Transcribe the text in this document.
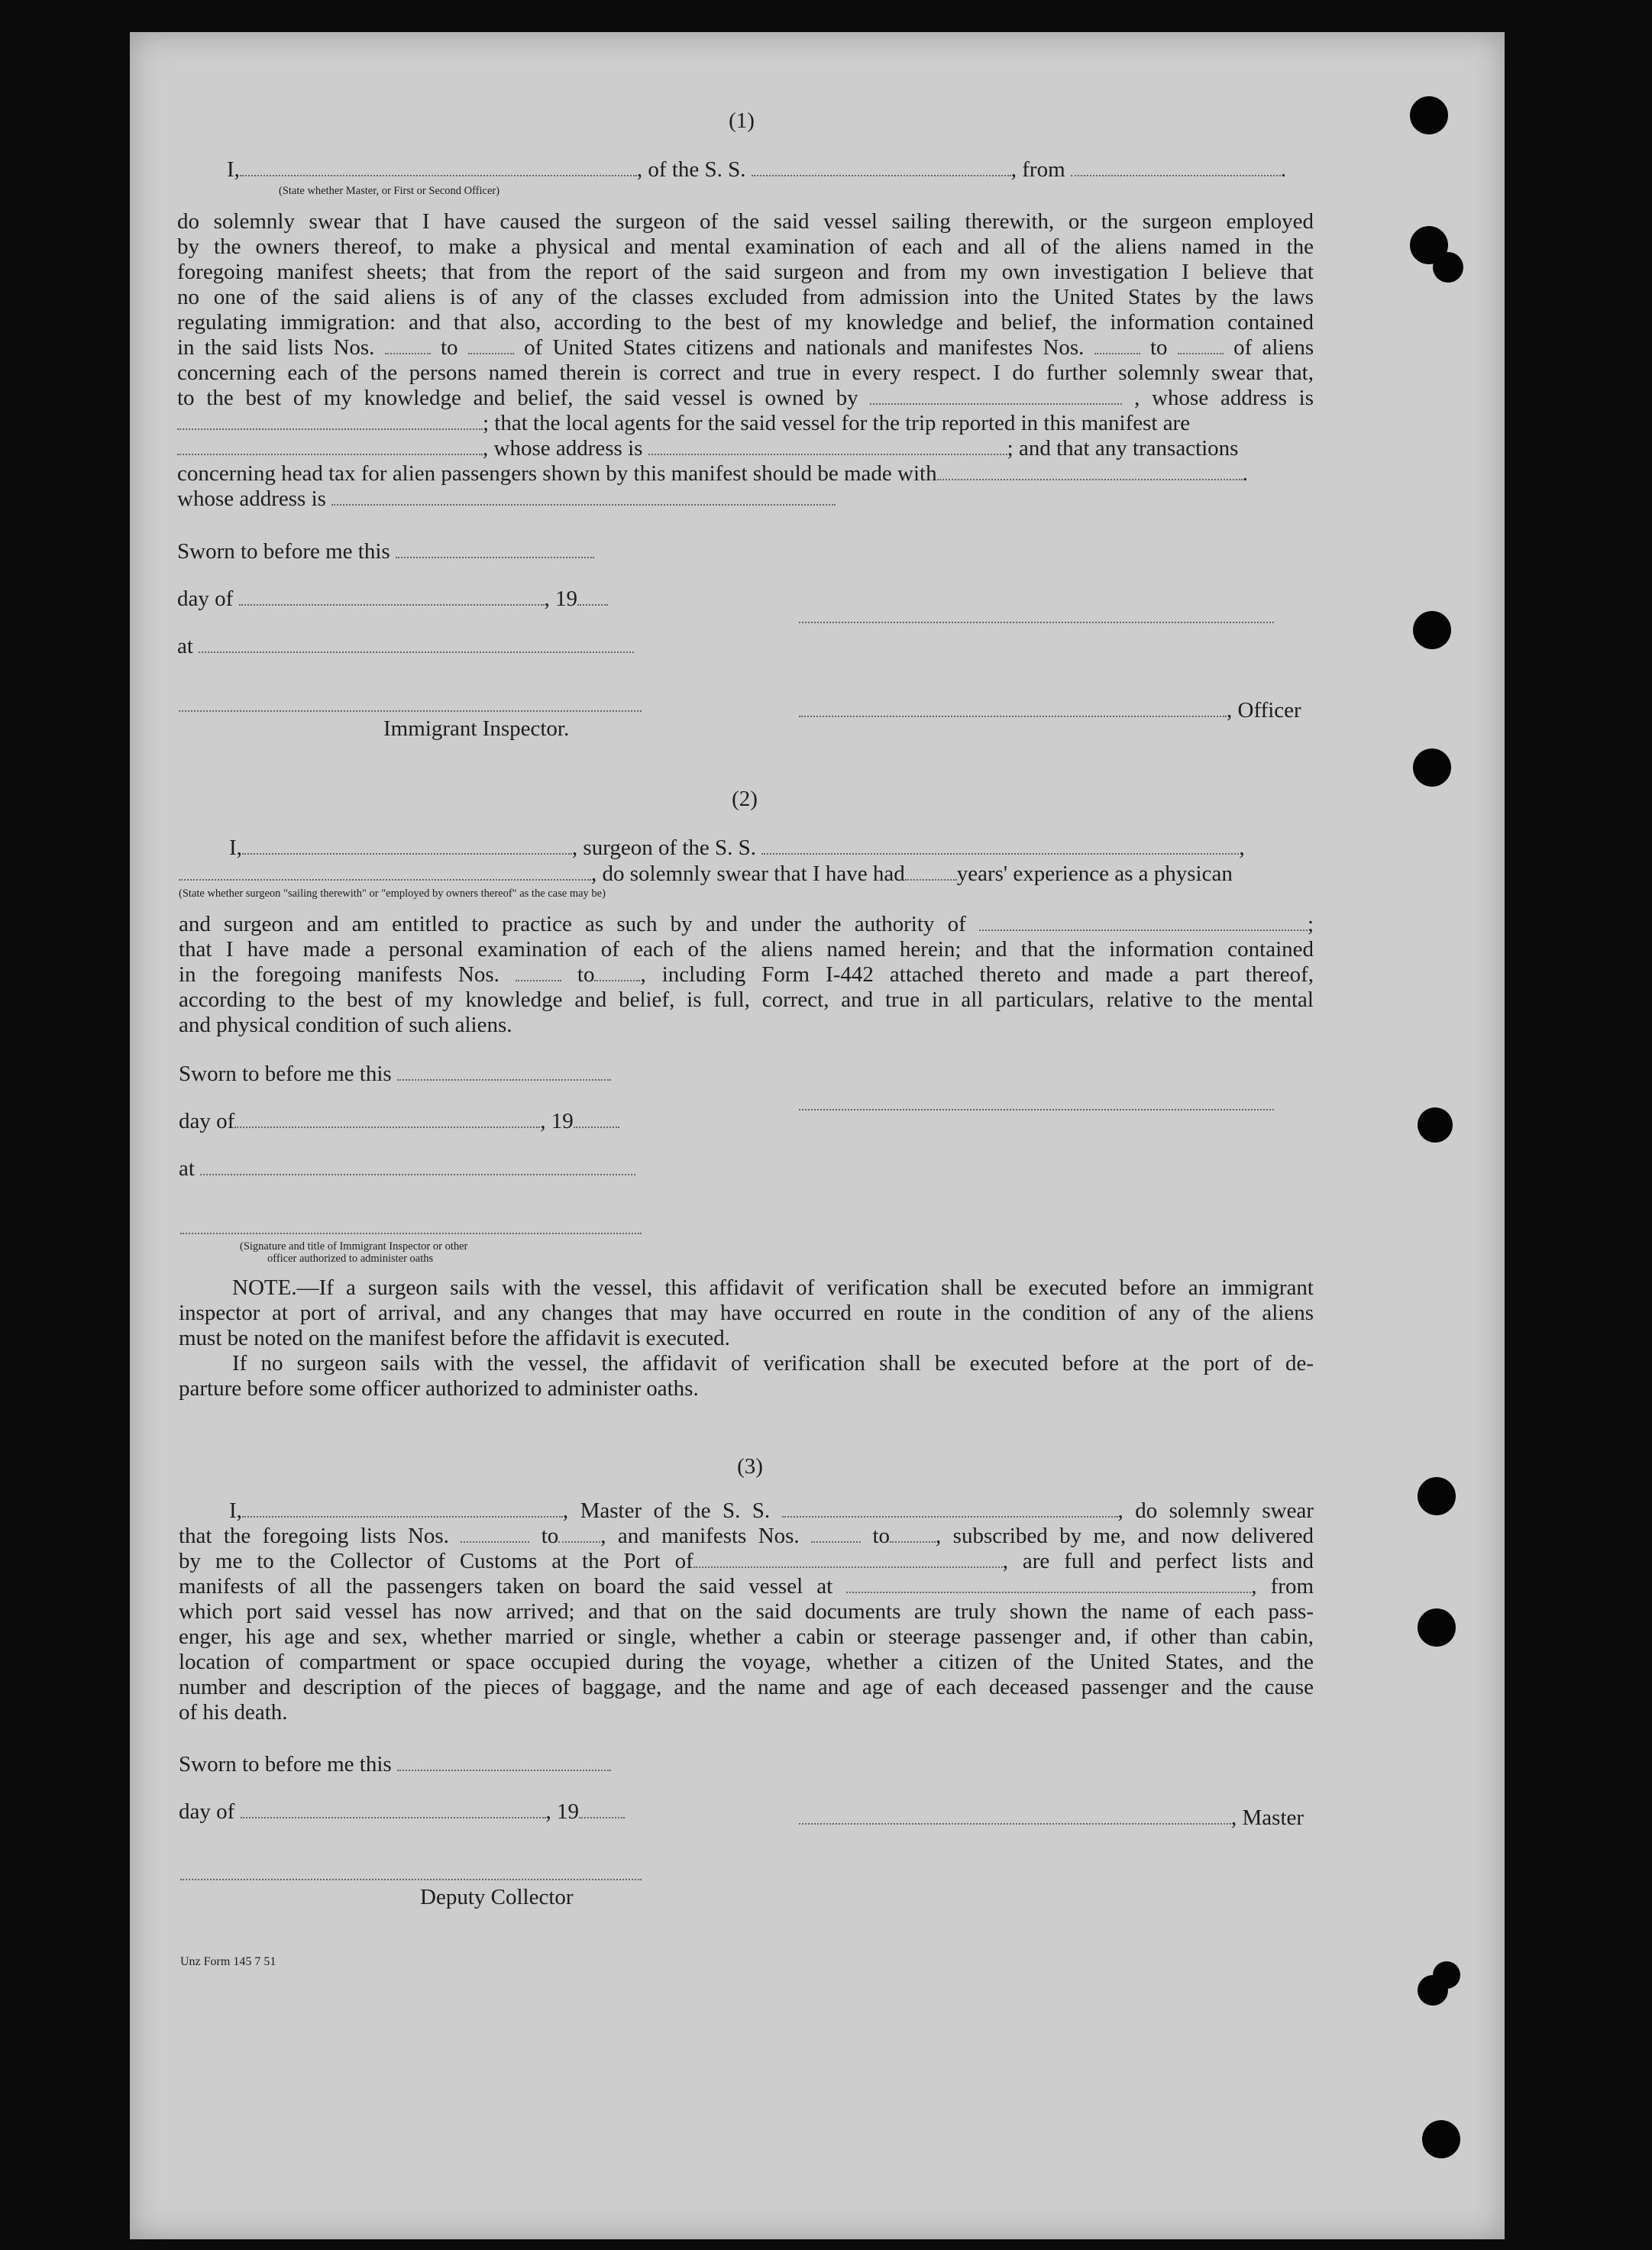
(1)
I,	, of the S. S.	, from	.
(State whether Master, or First or Second Officer)
do solemnly swear that I have caused the surgeon of the said vessel sailing therewith, or the surgeon employed
by the owners thereof, to make a physical and mental examination of each and all of the aliens named in the
foregoing manifest sheets; that from the report of the said surgeon and from my own investigation I believe that
no one of the said aliens is of any of the classes excluded from admission into the United States by the laws
regulating immigration: and that also, according to the best of my knowledge and belief, the information contained
in the said lists Nos.	to	of United States citizens and nationals and manifestes Nos.	to	of aliens
concerning each of the persons named therein is correct and true in every respect. I do further solemnly swear that,
to the best of my knowledge and belief, the said vessel is owned by	, whose address is
; that the local agents for the said vessel for the trip reported in this manifest are
, whose address is	; and that any transactions
concerning head tax for alien passengers shown by this manifest should be made with	.
whose address is
Sworn to before me this
day of	, 19
at
, Officer
Immigrant Inspector.
(2)
I,	, surgeon of the S. S.	,
, do solemnly swear that I have had years' experience as a physican
(State whether surgeon "sailing therewith" or "employed by owners thereof" as the case may be)
and surgeon and am entitled to practice as such by and under the authority of	;
that I have made a personal examination of each of the aliens named herein; and that the information contained
in the foregoing manifests Nos.	to , including Form I-442 attached thereto and made a part thereof,
according to the best of my knowledge and belief, is full, correct, and true in all particulars, relative to the mental
and physical condition of such aliens.
Sworn to before me this
day of	, 19
at
(Signature and title of Immigrant Inspector or other
officer authorized to administer oaths
NOTE.—If a surgeon sails with the vessel, this affidavit of verification shall be executed before an immigrant
inspector at port of arrival, and any changes that may have occurred en route in the condition of any of the aliens
must be noted on the manifest before the affidavit is executed.
If no surgeon sails with the vessel, the affidavit of verification shall be executed before at the port of de-
parture before some officer authorized to administer oaths.
(3)
I,	, Master of the S. S.	, do solemnly swear
that the foregoing lists Nos.	to , and manifests Nos.	to , subscribed by me, and now delivered
by me to the Collector of Customs at the Port of	, are full and perfect lists and
manifests of all the passengers taken on board the said vessel at	, from
which port said vessel has now arrived; and that on the said documents are truly shown the name of each pass-
enger, his age and sex, whether married or single, whether a cabin or steerage passenger and, if other than cabin,
location of compartment or space occupied during the voyage, whether a citizen of the United States, and the
number and description of the pieces of baggage, and the name and age of each deceased passenger and the cause
of his death.
Sworn to before me this
day of	, 19	, Master
Deputy Collector
Unz Form 145 7 51
